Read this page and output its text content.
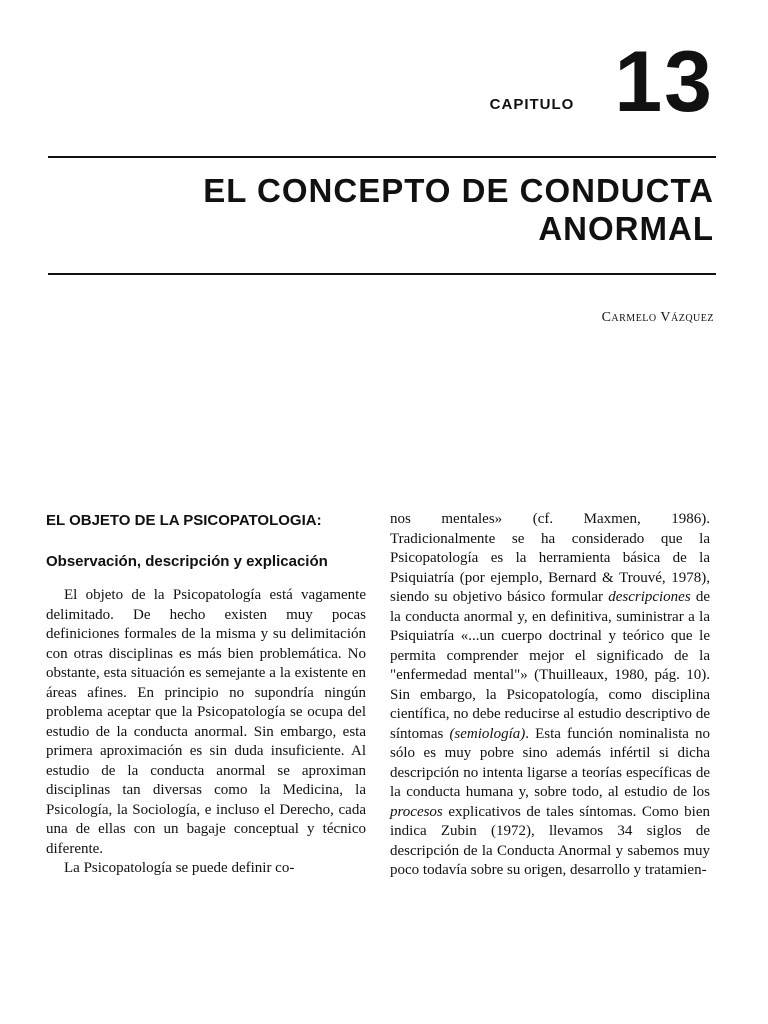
CAPITULO 13
EL CONCEPTO DE CONDUCTA ANORMAL
Carmelo Vázquez
EL OBJETO DE LA PSICOPATOLOGIA:
Observación, descripción y explicación

El objeto de la Psicopatología está vagamente delimitado. De hecho existen muy pocas definiciones formales de la misma y su delimitación con otras disciplinas es más bien problemática. No obstante, esta situación es semejante a la existente en áreas afines. En principio no supondría ningún problema aceptar que la Psicopatología se ocupa del estudio de la conducta anormal. Sin embargo, esta primera aproximación es sin duda insuficiente. Al estudio de la conducta anormal se aproximan disciplinas tan diversas como la Medicina, la Psicología, la Sociología, e incluso el Derecho, cada una de ellas con un bagaje conceptual y técnico diferente.

La Psicopatología se puede definir co-

nos mentales» (cf. Maxmen, 1986). Tradicionalmente se ha considerado que la Psicopatología es la herramienta básica de la Psiquiatría (por ejemplo, Bernard & Trouvé, 1978), siendo su objetivo básico formular descripciones de la conducta anormal y, en definitiva, suministrar a la Psiquiatría «...un cuerpo doctrinal y teórico que le permita comprender mejor el significado de la "enfermedad mental"» (Thuilleaux, 1980, pág. 10). Sin embargo, la Psicopatología, como disciplina científica, no debe reducirse al estudio descriptivo de síntomas (semiología). Esta función nominalista no sólo es muy pobre sino además infértil si dicha descripción no intenta ligarse a teorías específicas de la conducta humana y, sobre todo, al estudio de los procesos explicativos de tales síntomas. Como bien indica Zubin (1972), llevamos 34 siglos de descripción de la Conducta Anormal y sabemos muy poco todavía sobre su origen, desarrollo y tratamien-
